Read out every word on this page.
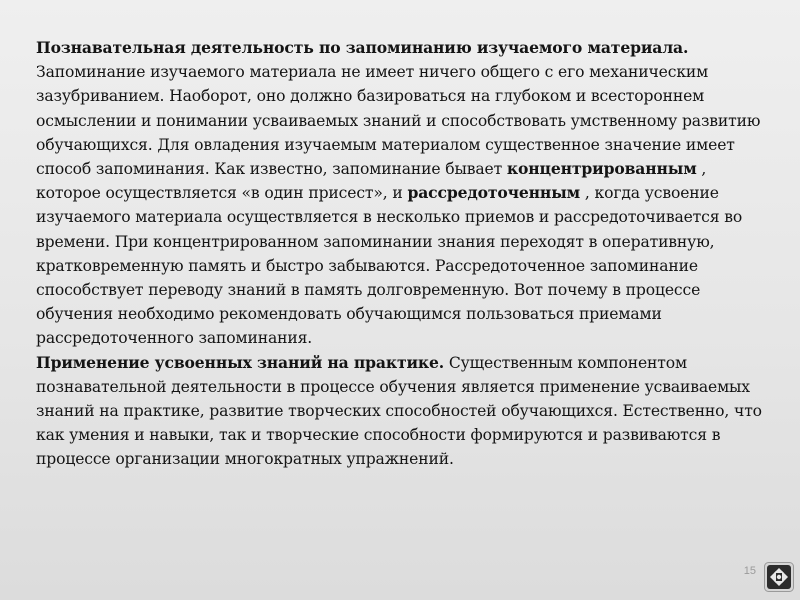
Познавательная деятельность по запоминанию изучаемого материала. Запоминание изучаемого материала не имеет ничего общего с его механическим зазубриванием. Наоборот, оно должно базироваться на глубоком и всестороннем осмыслении и понимании усваиваемых знаний и способствовать умственному развитию обучающихся. Для овладения изучаемым материалом существенное значение имеет способ запоминания. Как известно, запоминание бывает концентрированным , которое осуществляется «в один присест», и рассредоточенным , когда усвоение изучаемого материала осуществляется в несколько приемов и рассредоточивается во времени. При концентрированном запоминании знания переходят в оперативную, кратковременную память и быстро забываются. Рассредоточенное запоминание способствует переводу знаний в память долговременную. Вот почему в процессе обучения необходимо рекомендовать обучающимся пользоваться приемами рассредоточенного запоминания.

Применение усвоенных знаний на практике. Существенным компонентом познавательной деятельности в процессе обучения является применение усваиваемых знаний на практике, развитие творческих способностей обучающихся. Естественно, что как умения и навыки, так и творческие способности формируются и развиваются в процессе организации многократных упражнений.

15
